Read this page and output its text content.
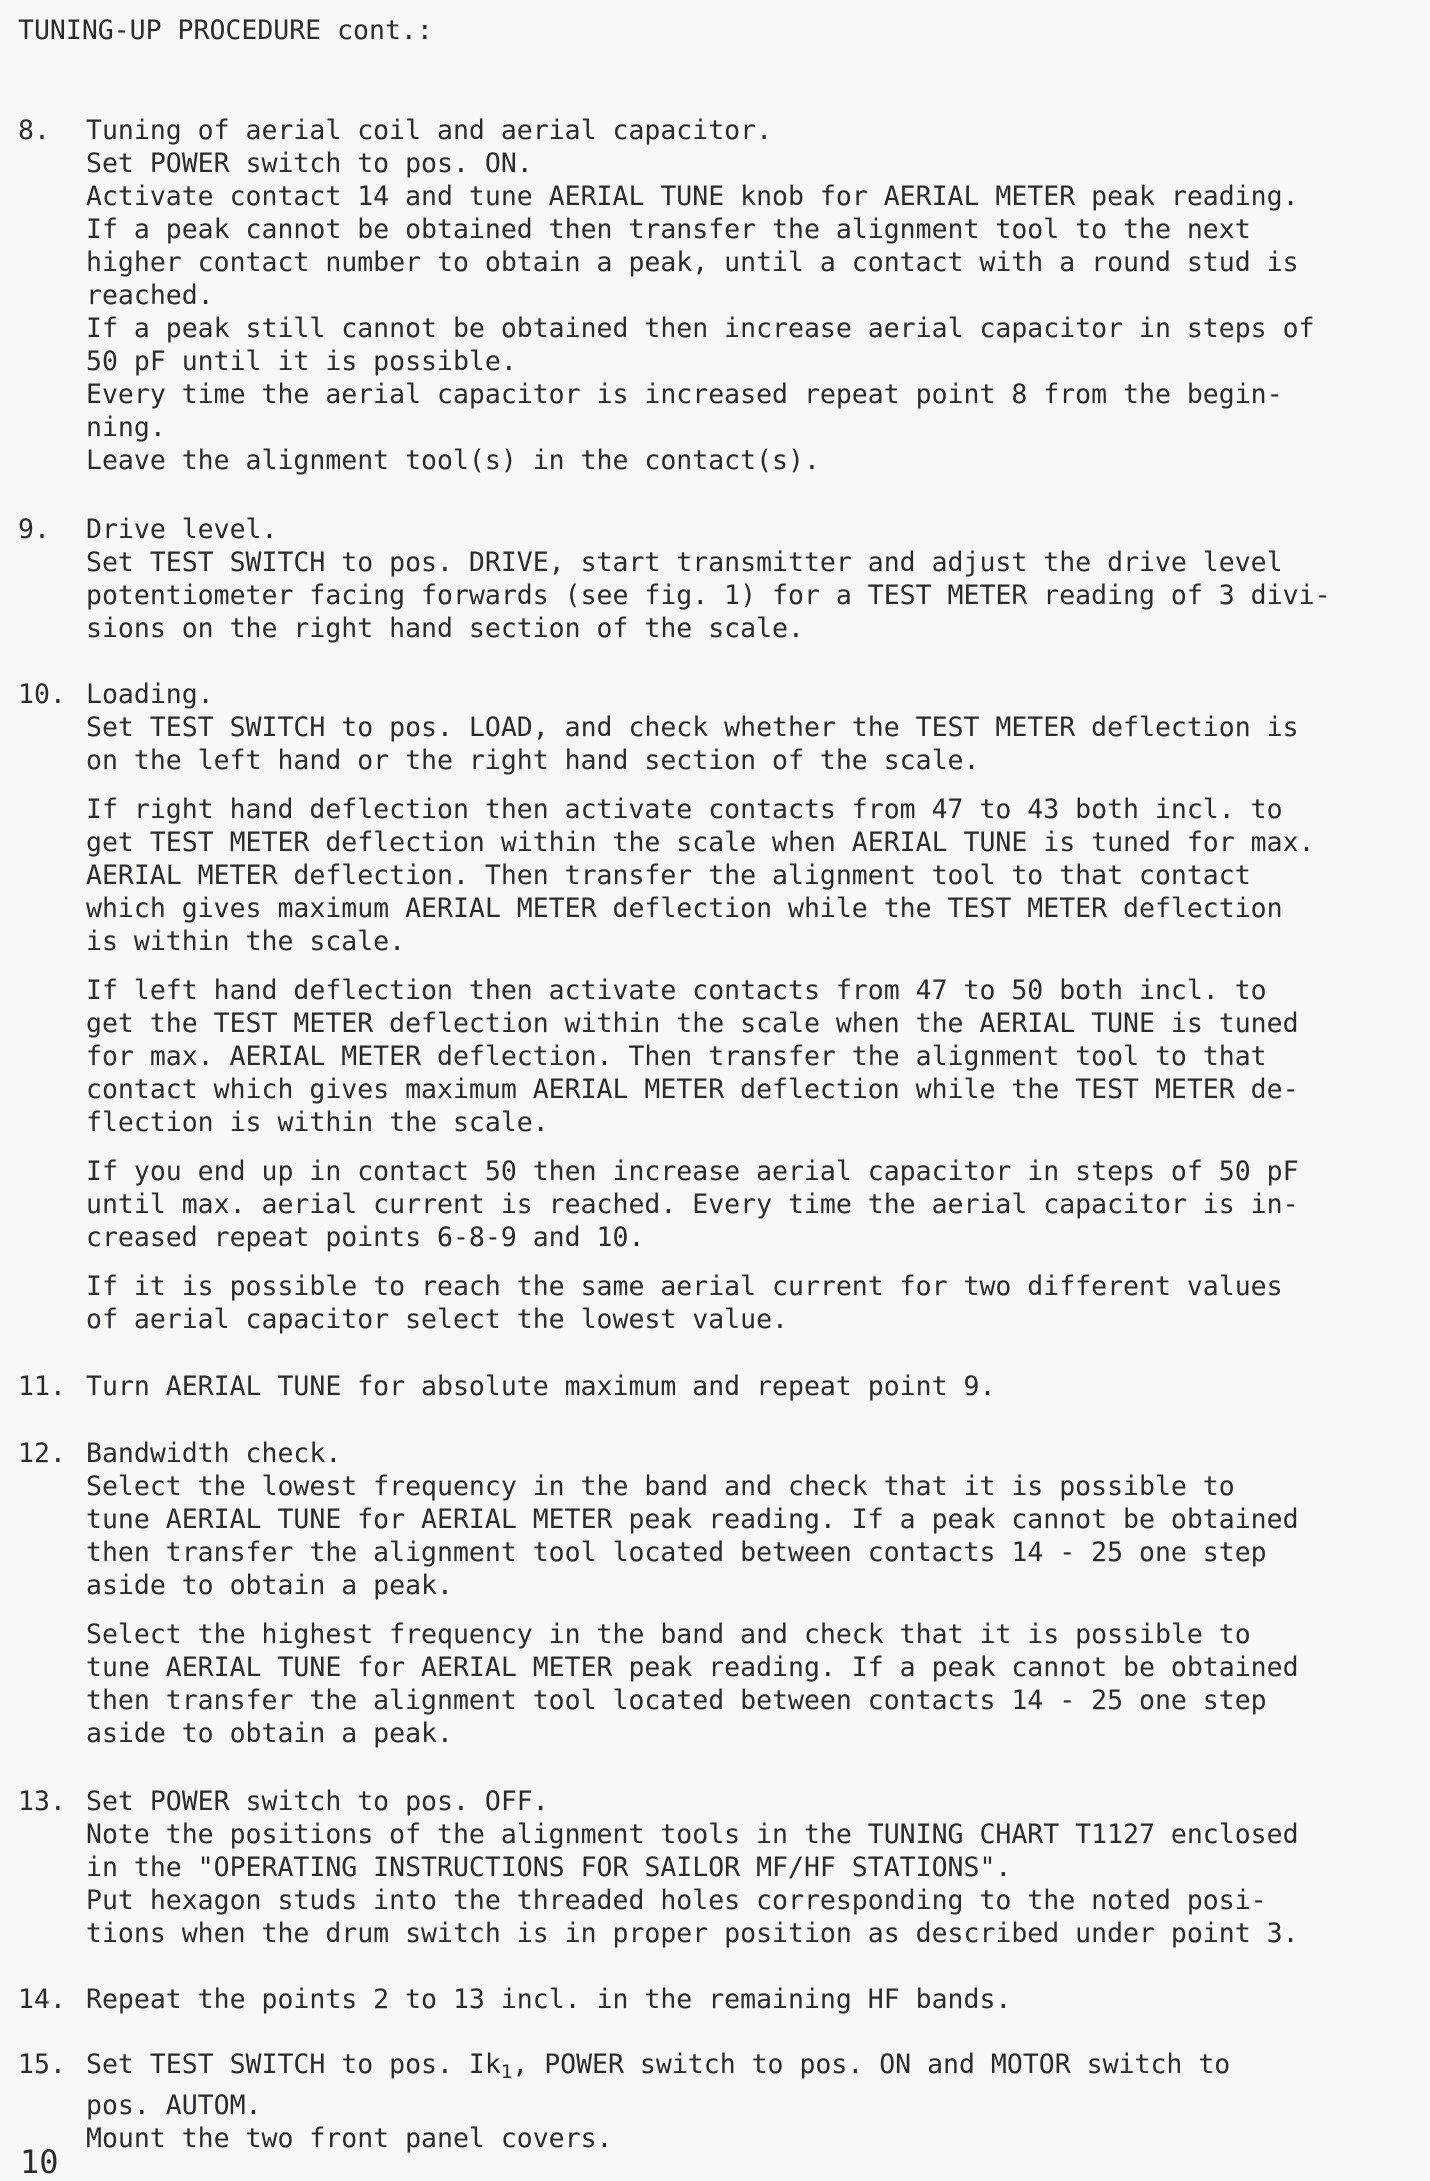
TUNING-UP PROCEDURE cont.:
8. Tuning of aerial coil and aerial capacitor.
Set POWER switch to pos. ON.
Activate contact 14 and tune AERIAL TUNE knob for AERIAL METER peak reading.
If a peak cannot be obtained then transfer the alignment tool to the next
higher contact number to obtain a peak, until a contact with a round stud is
reached.
If a peak still cannot be obtained then increase aerial capacitor in steps of
50 pF until it is possible.
Every time the aerial capacitor is increased repeat point 8 from the begin-
ning.
Leave the alignment tool(s) in the contact(s).
9. Drive level.
Set TEST SWITCH to pos. DRIVE, start transmitter and adjust the drive level
potentiometer facing forwards (see fig. 1) for a TEST METER reading of 3 divi-
sions on the right hand section of the scale.
10. Loading.
Set TEST SWITCH to pos. LOAD, and check whether the TEST METER deflection is
on the left hand or the right hand section of the scale.
If right hand deflection then activate contacts from 47 to 43 both incl. to
get TEST METER deflection within the scale when AERIAL TUNE is tuned for max.
AERIAL METER deflection. Then transfer the alignment tool to that contact
which gives maximum AERIAL METER deflection while the TEST METER deflection
is within the scale.
If left hand deflection then activate contacts from 47 to 50 both incl. to
get the TEST METER deflection within the scale when the AERIAL TUNE is tuned
for max. AERIAL METER deflection. Then transfer the alignment tool to that
contact which gives maximum AERIAL METER deflection while the TEST METER de-
flection is within the scale.
If you end up in contact 50 then increase aerial capacitor in steps of 50 pF
until max. aerial current is reached. Every time the aerial capacitor is in-
creased repeat points 6-8-9 and 10.
If it is possible to reach the same aerial current for two different values
of aerial capacitor select the lowest value.
11. Turn AERIAL TUNE for absolute maximum and repeat point 9.
12. Bandwidth check.
Select the lowest frequency in the band and check that it is possible to
tune AERIAL TUNE for AERIAL METER peak reading. If a peak cannot be obtained
then transfer the alignment tool located between contacts 14 - 25 one step
aside to obtain a peak.
Select the highest frequency in the band and check that it is possible to
tune AERIAL TUNE for AERIAL METER peak reading. If a peak cannot be obtained
then transfer the alignment tool located between contacts 14 - 25 one step
aside to obtain a peak.
13. Set POWER switch to pos. OFF.
Note the positions of the alignment tools in the TUNING CHART T1127 enclosed
in the "OPERATING INSTRUCTIONS FOR SAILOR MF/HF STATIONS".
Put hexagon studs into the threaded holes corresponding to the noted posi-
tions when the drum switch is in proper position as described under point 3.
14. Repeat the points 2 to 13 incl. in the remaining HF bands.
15. Set TEST SWITCH to pos. $Ik_1$, POWER switch to pos. ON and MOTOR switch to
pos. AUTOM.
Mount the two front panel covers.
10
